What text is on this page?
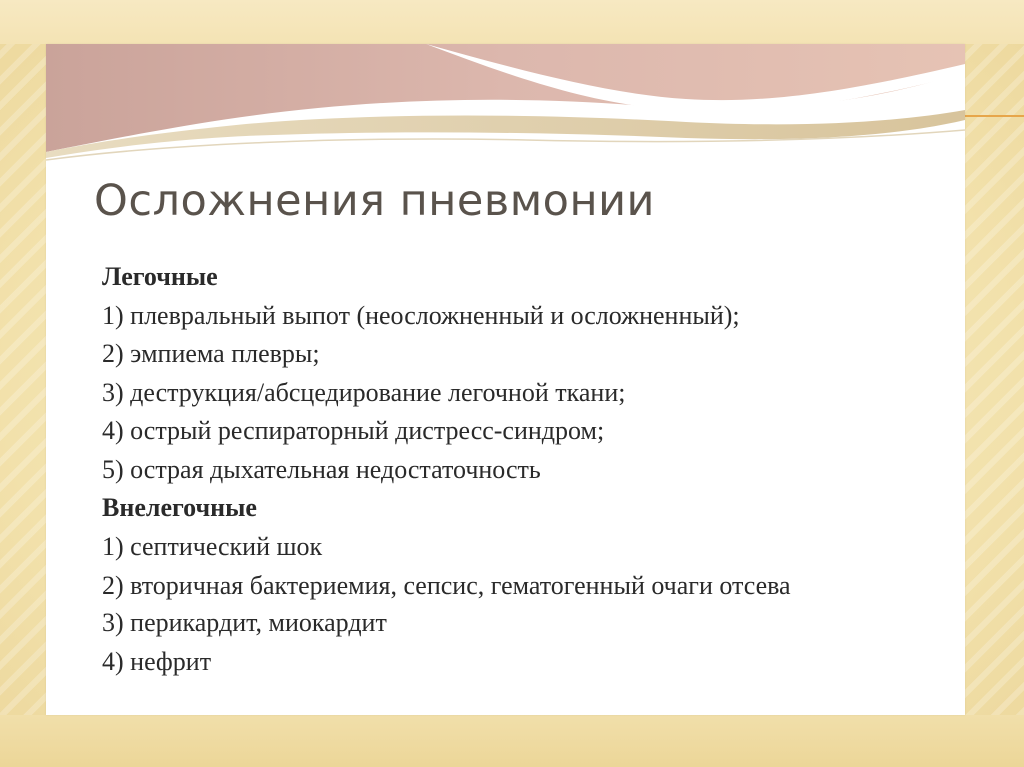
Осложнения пневмонии
Легочные

1) плевральный выпот (неосложненный и осложненный);

2) эмпиема плевры;

3) деструкция/абсцедирование легочной ткани;

4) острый респираторный дистресс-синдром;

5) острая дыхательная недостаточность

Внелегочные

1) септический шок

2) вторичная бактериемия, сепсис, гематогенный очаги отсева

3) перикардит, миокардит

4) нефрит
